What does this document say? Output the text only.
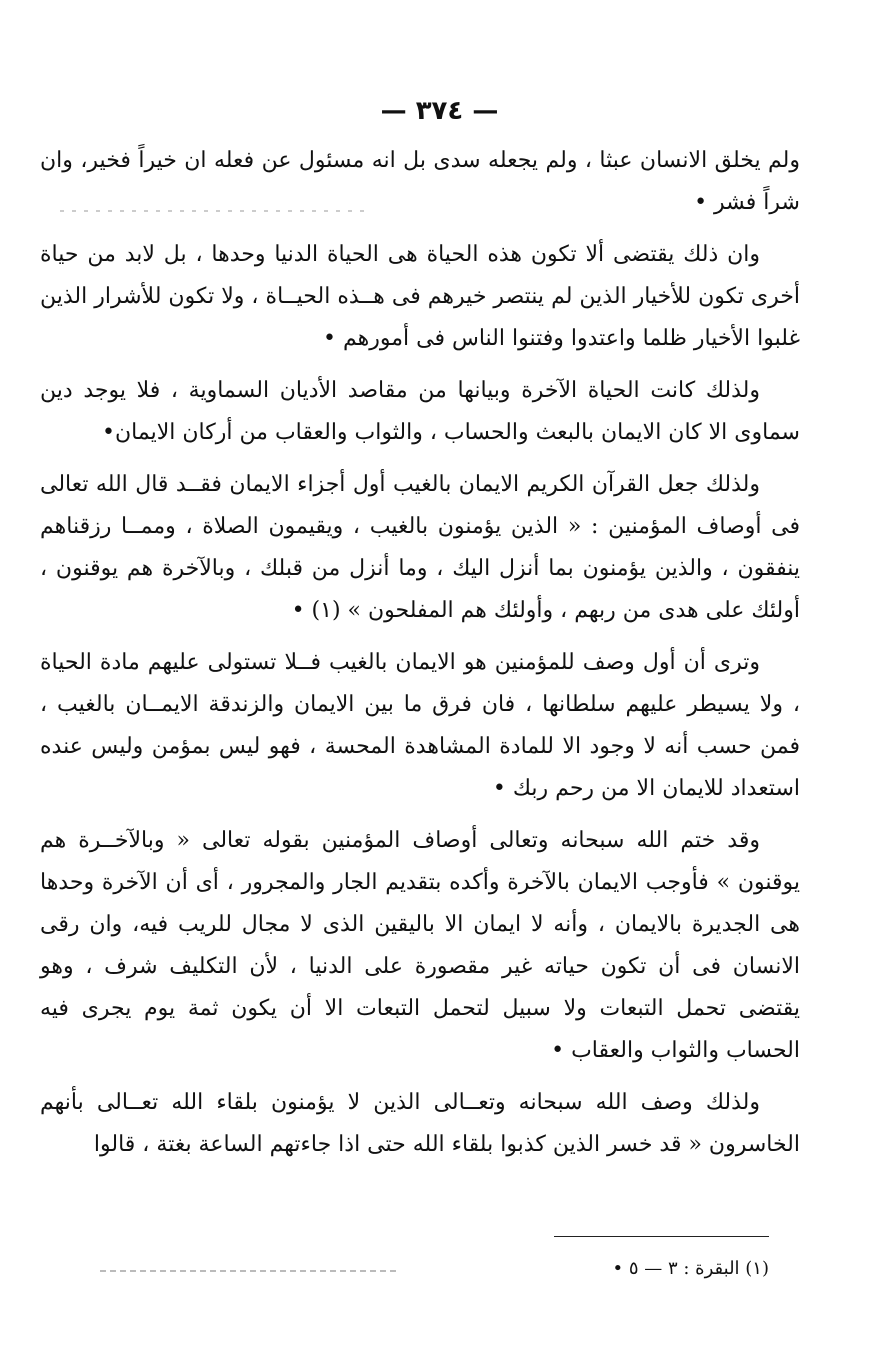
— ٣٧٤ —

ولم يخلق الانسان عبثا ، ولم يجعله سدى بل انه مسئول عن فعله ان خيراً فخير، وان شراً فشر •

وان ذلك يقتضى ألا تكون هذه الحياة هى الحياة الدنيا وحدها ، بل لابد من حياة أخرى تكون للأخيار الذين لم ينتصر خيرهم فى هــذه الحيــاة ، ولا تكون للأشرار الذين غلبوا الأخيار ظلما واعتدوا وفتنوا الناس فى أمورهم •

ولذلك كانت الحياة الآخرة وبيانها من مقاصد الأديان السماوية ، فلا يوجد دين سماوى الا كان الايمان بالبعث والحساب ، والثواب والعقاب من أركان الايمان•

ولذلك جعل القرآن الكريم الايمان بالغيب أول أجزاء الايمان فقــد قال الله تعالى فى أوصاف المؤمنين : « الذين يؤمنون بالغيب ، ويقيمون الصلاة ، وممــا رزقناهم ينفقون ، والذين يؤمنون بما أنزل اليك ، وما أنزل من قبلك ، وبالآخرة هم يوقنون ، أولئك على هدى من ربهم ، وأولئك هم المفلحون » (١) •

وترى أن أول وصف للمؤمنين هو الايمان بالغيب فــلا تستولى عليهم مادة الحياة ، ولا يسيطر عليهم سلطانها ، فان فرق ما بين الايمان والزندقة الايمــان بالغيب ، فمن حسب أنه لا وجود الا للمادة المشاهدة المحسة ، فهو ليس بمؤمن وليس عنده استعداد للايمان الا من رحم ربك •

وقد ختم الله سبحانه وتعالى أوصاف المؤمنين بقوله تعالى « وبالآخــرة هم يوقنون » فأوجب الايمان بالآخرة وأكده بتقديم الجار والمجرور ، أى أن الآخرة وحدها هى الجديرة بالايمان ، وأنه لا ايمان الا باليقين الذى لا مجال للريب فيه، وان رقى الانسان فى أن تكون حياته غير مقصورة على الدنيا ، لأن التكليف شرف ، وهو يقتضى تحمل التبعات ولا سبيل لتحمل التبعات الا أن يكون ثمة يوم يجرى فيه الحساب والثواب والعقاب •

ولذلك وصف الله سبحانه وتعــالى الذين لا يؤمنون بلقاء الله تعــالى بأنهم الخاسرون « قد خسر الذين كذبوا بلقاء الله حتى اذا جاءتهم الساعة بغتة ، قالوا

(١) البقرة : ٣ — ٥ •
